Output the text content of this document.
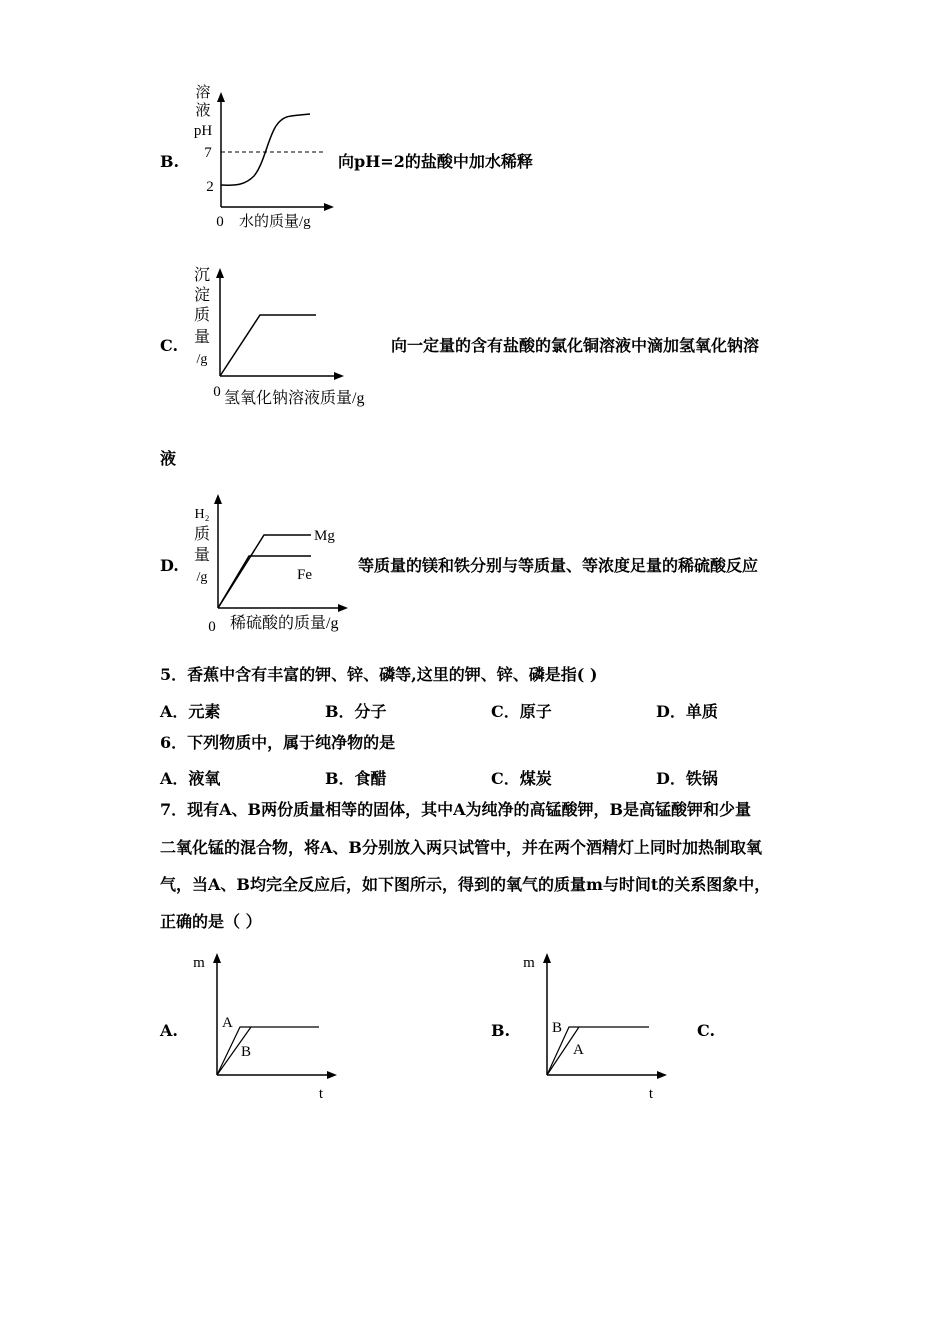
B.
溶
液
pH
7
2
0 水的质量/g
向pH=2的盐酸中加水稀释
C.
沉
淀
质
量
/g
0 氢氧化钠溶液质量/g
向一定量的含有盐酸的氯化铜溶液中滴加氢氧化钠溶
液
D.
H₂
质
量
/g
Mg
Fe
0 稀硫酸的质量/g
等质量的镁和铁分别与等质量、等浓度足量的稀硫酸反应
5．香蕉中含有丰富的钾、锌、磷等,这里的钾、锌、磷是指( )
A．元素	B．分子	C．原子	D．单质
6．下列物质中，属于纯净物的是
A．液氧	B．食醋	C．煤炭	D．铁锅
7．现有A、B两份质量相等的固体，其中A为纯净的高锰酸钾，B是高锰酸钾和少量
二氧化锰的混合物，将A、B分别放入两只试管中，并在两个酒精灯上同时加热制取氧
气，当A、B均完全反应后，如下图所示，得到的氧气的质量m与时间t的关系图象中，
正确的是（ ）
A.
m
A
B
t
B.
m
B
A
t
C.
